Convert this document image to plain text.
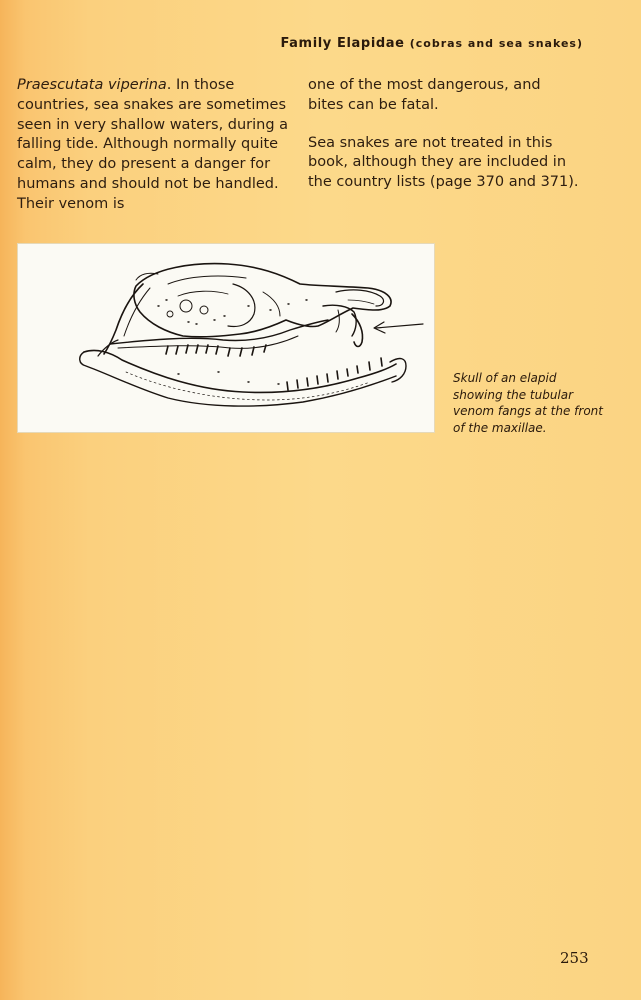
Family Elapidae (cobras and sea snakes)

Praescutata viperina. In those countries, sea snakes are sometimes seen in very shallow waters, during a falling tide. Although normally quite calm, they do present a danger for humans and should not be handled. Their venom is

one of the most dangerous, and bites can be fatal.

Sea snakes are not treated in this book, although they are included in the country lists (page 370 and 371).

Skull of an elapid showing the tubular venom fangs at the front of the maxillae.
253
